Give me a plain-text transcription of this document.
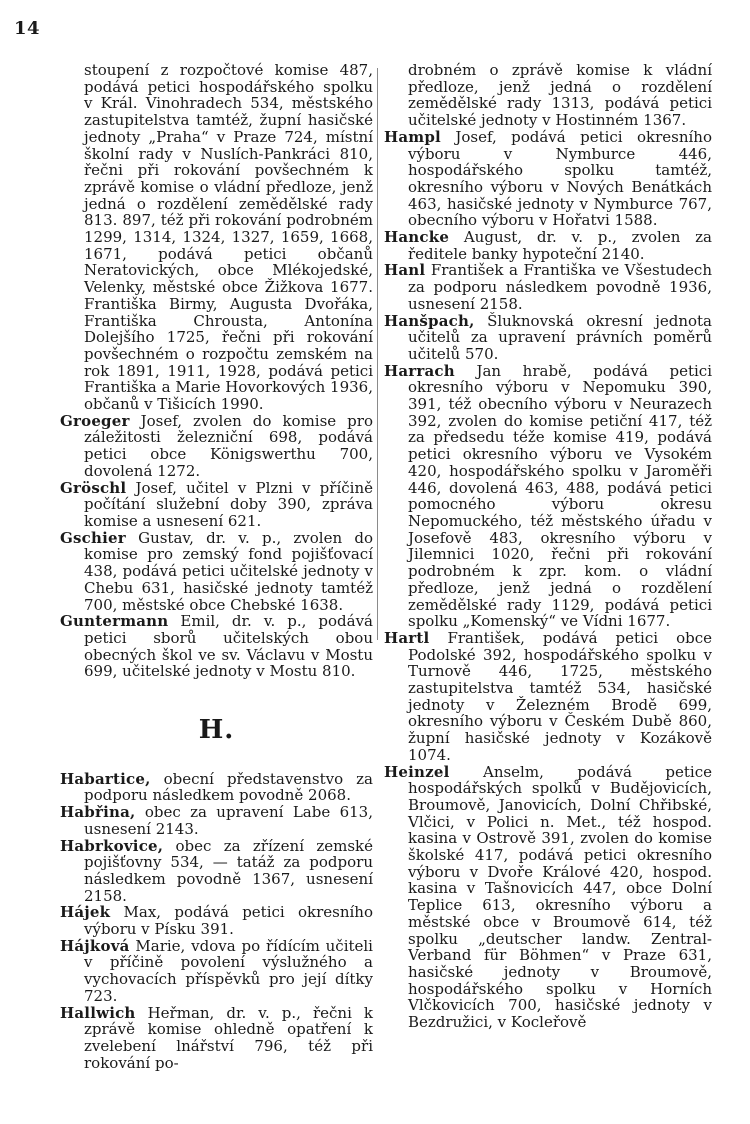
14
stoupení z rozpočtové komise 487, podává petici hospodářského spolku v Král. Vinohradech 534, městského zastupitelstva tamtéž, župní hasičské jednoty „Praha“ v Praze 724, místní školní rady v Nuslích-Pankráci 810, řečni při rokování povšechném k zprávě komise o vládní předloze, jenž jedná o rozdělení zemědělské rady 813. 897, též při rokování podrobném 1299, 1314, 1324, 1327, 1659, 1668, 1671, podává petici občanů Neratovických, obce Mlékojedské, Velenky, městské obce Žižkova 1677. Františka Birmy, Augusta Dvořáka, Františka Chrousta, Antonína Dolejšího 1725, řečni při rokování povšechném o rozpočtu zemském na rok 1891, 1911, 1928, podává petici Františka a Marie Hovorkových 1936, občanů v Tišicích 1990.
Groeger Josef, zvolen do komise pro záležitosti železniční 698, podává petici obce Königswerthu 700, dovolená 1272.
Gröschl Josef, učitel v Plzni v příčině počítání služební doby 390, zpráva komise a usnesení 621.
Gschier Gustav, dr. v. p., zvolen do komise pro zemský fond pojišťovací 438, podává petici učitelské jednoty v Chebu 631, hasičské jednoty tamtéž 700, městské obce Chebské 1638.
Guntermann Emil, dr. v. p., podává petici sborů učitelských obou obecných škol ve sv. Václavu v Mostu 699, učitelské jednoty v Mostu 810.
H.
Habartice, obecní představenstvo za podporu následkem povodně 2068.
Habřina, obec za upravení Labe 613, usnesení 2143.
Habrkovice, obec za zřízení zemské pojišťovny 534, — tatáž za podporu následkem povodně 1367, usnesení 2158.
Hájek Max, podává petici okresního výboru v Písku 391.
Hájková Marie, vdova po řídícím učiteli v příčině povolení výslužného a vychovacích příspěvků pro její dítky 723.
Hallwich Heřman, dr. v. p., řečni k zprávě komise ohledně opatření k zvelebení lnářství 796, též při rokování po-
drobném o zprávě komise k vládní předloze, jenž jedná o rozdělení zemědělské rady 1313, podává petici učitelské jednoty v Hostinném 1367.
Hampl Josef, podává petici okresního výboru v Nymburce 446, hospodářského spolku tamtéž, okresního výboru v Nových Benátkách 463, hasičské jednoty v Nymburce 767, obecního výboru v Hořatvi 1588.
Hancke August, dr. v. p., zvolen za ředitele banky hypoteční 2140.
Hanl František a Františka ve Všestudech za podporu následkem povodně 1936, usnesení 2158.
Hanšpach, Šluknovská okresní jednota učitelů za upravení právních poměrů učitelů 570.
Harrach Jan hrabě, podává petici okresního výboru v Nepomuku 390, 391, též obecního výboru v Neurazech 392, zvolen do komise petiční 417, též za předsedu téže komise 419, podává petici okresního výboru ve Vysokém 420, hospodářského spolku v Jaroměři 446, dovolená 463, 488, podává petici pomocného výboru okresu Nepomuckého, též městského úřadu v Josefově 483, okresního výboru v Jilemnici 1020, řečni při rokování podrobném k zpr. kom. o vládní předloze, jenž jedná o rozdělení zemědělské rady 1129, podává petici spolku „Komenský“ ve Vídni 1677.
Hartl František, podává petici obce Podolské 392, hospodářského spolku v Turnově 446, 1725, městského zastupitelstva tamtéž 534, hasičské jednoty v Železném Brodě 699, okresního výboru v Českém Dubě 860, župní hasičské jednoty v Kozákově 1074.
Heinzel Anselm, podává petice hospodářských spolků v Budějovicích, Broumově, Janovicích, Dolní Chřibské, Vlčici, v Polici n. Met., též hospod. kasina v Ostrově 391, zvolen do komise školské 417, podává petici okresního výboru v Dvoře Králové 420, hospod. kasina v Tašnovicích 447, obce Dolní Teplice 613, okresního výboru a městské obce v Broumově 614, též spolku „deutscher landw. Zentral-Verband für Böhmen“ v Praze 631, hasičské jednoty v Broumově, hospodářského spolku v Horních Vlčkovicích 700, hasičské jednoty v Bezdružici, v Kocleřově
